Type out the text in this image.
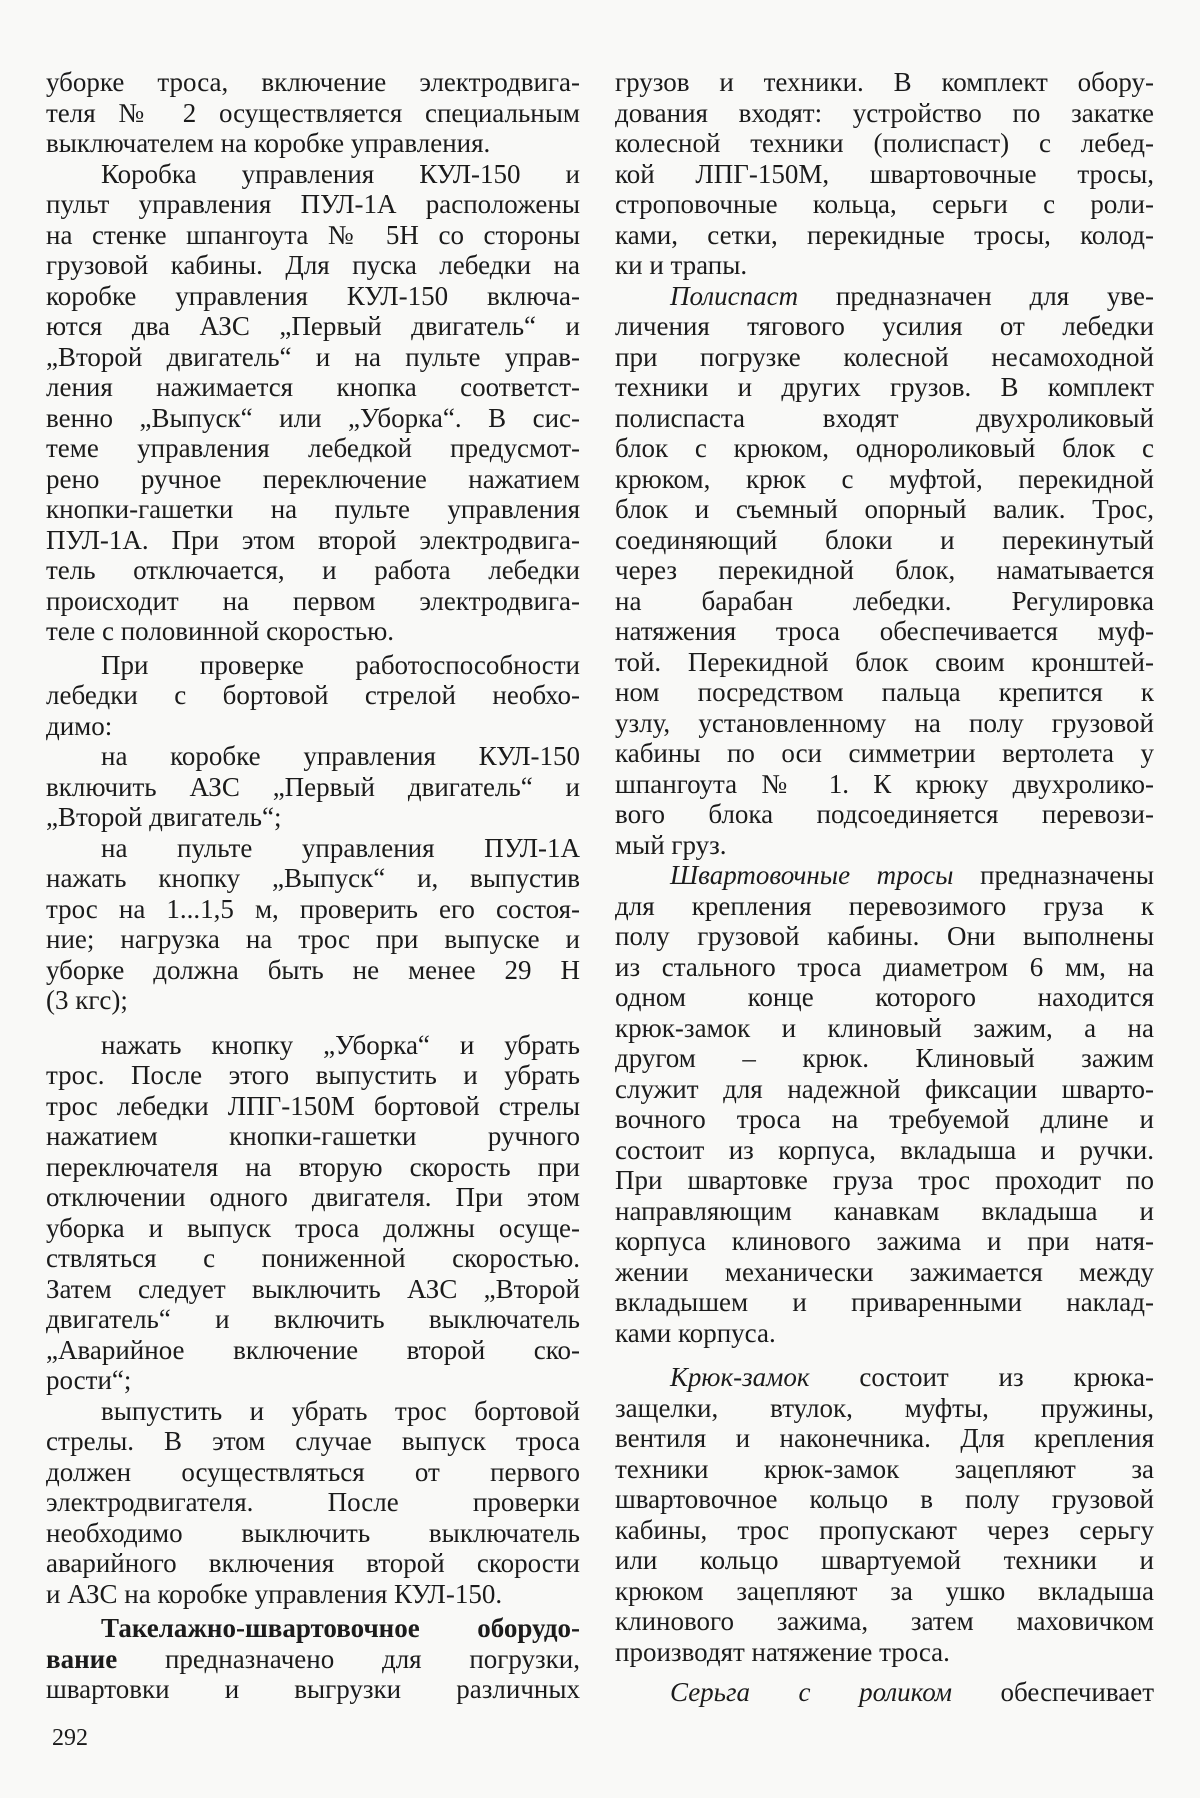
уборке троса, включение электродвига-
теля № 2 осуществляется специальным
выключателем на коробке управления.
Коробка управления КУЛ-150 и
пульт управления ПУЛ-1А расположены
на стенке шпангоута № 5Н со стороны
грузовой кабины. Для пуска лебедки на
коробке управления КУЛ-150 включа-
ются два АЗС „Первый двигатель“ и
„Второй двигатель“ и на пульте управ-
ления нажимается кнопка соответст-
венно „Выпуск“ или „Уборка“. В сис-
теме управления лебедкой предусмот-
рено ручное переключение нажатием
кнопки-гашетки на пульте управления
ПУЛ-1А. При этом второй электродвига-
тель отключается, и работа лебедки
происходит на первом электродвига-
теле с половинной скоростью.
При проверке работоспособности
лебедки с бортовой стрелой необхо-
димо:
на коробке управления КУЛ-150
включить АЗС „Первый двигатель“ и
„Второй двигатель“;
на пульте управления ПУЛ-1А
нажать кнопку „Выпуск“ и, выпустив
трос на 1...1,5 м, проверить его состоя-
ние; нагрузка на трос при выпуске и
уборке должна быть не менее 29 Н
(3 кгс);
нажать кнопку „Уборка“ и убрать
трос. После этого выпустить и убрать
трос лебедки ЛПГ-150М бортовой стрелы
нажатием кнопки-гашетки ручного
переключателя на вторую скорость при
отключении одного двигателя. При этом
уборка и выпуск троса должны осуще-
ствляться с пониженной скоростью.
Затем следует выключить АЗС „Второй
двигатель“ и включить выключатель
„Аварийное включение второй ско-
рости“;
выпустить и убрать трос бортовой
стрелы. В этом случае выпуск троса
должен осуществляться от первого
электродвигателя. После проверки
необходимо выключить выключатель
аварийного включения второй скорости
и АЗС на коробке управления КУЛ-150.
Такелажно-швартовочное оборудо-
вание предназначено для погрузки,
швартовки и выгрузки различных
грузов и техники. В комплект обору-
дования входят: устройство по закатке
колесной техники (полиспаст) с лебед-
кой ЛПГ-150М, швартовочные тросы,
строповочные кольца, серьги с роли-
ками, сетки, перекидные тросы, колод-
ки и трапы.
Полиспаст предназначен для уве-
личения тягового усилия от лебедки
при погрузке колесной несамоходной
техники и других грузов. В комплект
полиспаста входят двухроликовый
блок с крюком, однороликовый блок с
крюком, крюк с муфтой, перекидной
блок и съемный опорный валик. Трос,
соединяющий блоки и перекинутый
через перекидной блок, наматывается
на барабан лебедки. Регулировка
натяжения троса обеспечивается муф-
той. Перекидной блок своим кронштей-
ном посредством пальца крепится к
узлу, установленному на полу грузовой
кабины по оси симметрии вертолета у
шпангоута № 1. К крюку двухролико-
вого блока подсоединяется перевози-
мый груз.
Швартовочные тросы предназначены
для крепления перевозимого груза к
полу грузовой кабины. Они выполнены
из стального троса диаметром 6 мм, на
одном конце которого находится
крюк-замок и клиновый зажим, а на
другом – крюк. Клиновый зажим
служит для надежной фиксации шварто-
вочного троса на требуемой длине и
состоит из корпуса, вкладыша и ручки.
При швартовке груза трос проходит по
направляющим канавкам вкладыша и
корпуса клинового зажима и при натя-
жении механически зажимается между
вкладышем и приваренными наклад-
ками корпуса.
Крюк-замок состоит из крюка-
защелки, втулок, муфты, пружины,
вентиля и наконечника. Для крепления
техники крюк-замок зацепляют за
швартовочное кольцо в полу грузовой
кабины, трос пропускают через серьгу
или кольцо швартуемой техники и
крюком зацепляют за ушко вкладыша
клинового зажима, затем маховичком
производят натяжение троса.
Серьга с роликом обеспечивает
292
